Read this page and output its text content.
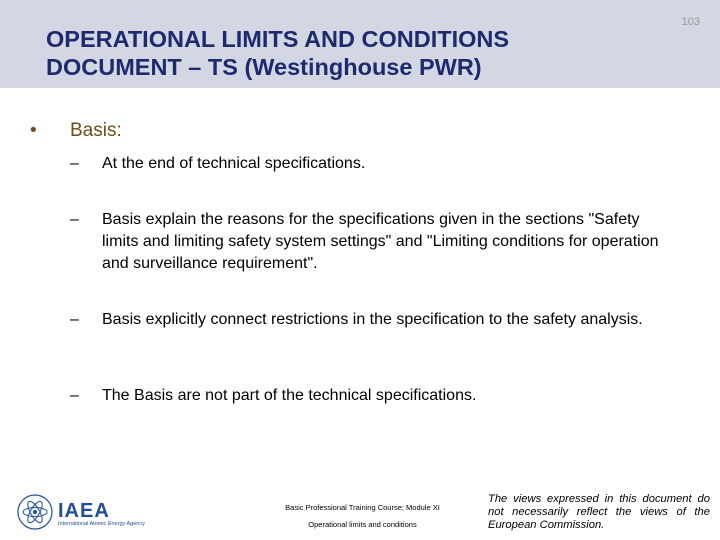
OPERATIONAL LIMITS AND CONDITIONS
DOCUMENT – TS (Westinghouse PWR)
103
• Basis:
– At the end of technical specifications.
– Basis explain the reasons for the specifications given in the sections "Safety limits and limiting safety system settings" and "Limiting conditions for operation and surveillance requirement".
– Basis explicitly connect restrictions in the specification to the safety analysis.
– The Basis are not part of the technical specifications.
IAEA
International Atomic Energy Agency
Basic Professional Training Course; Module XI
Operational limits and conditions
The views expressed in this document do not necessarily reflect the views of the European Commission.
